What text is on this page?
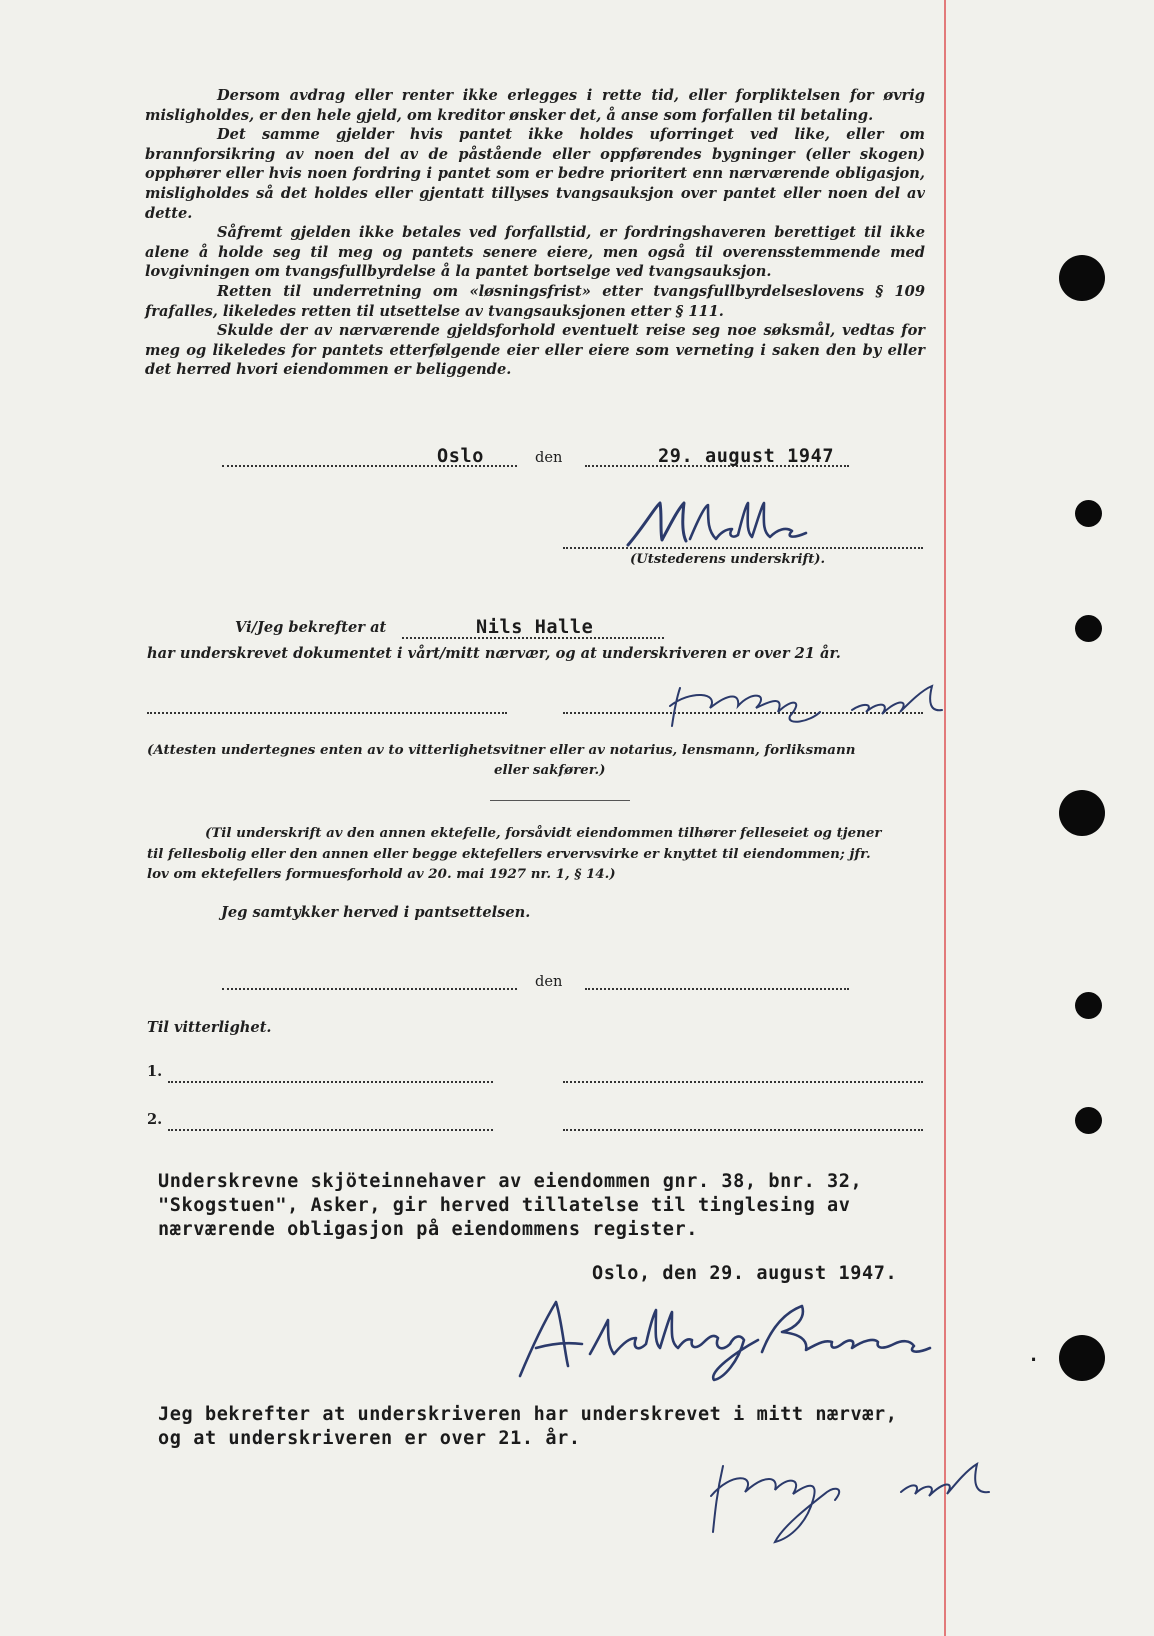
Dersom avdrag eller renter ikke erlegges i rette tid, eller forpliktelsen for øvrig misligholdes, er den hele gjeld, om kreditor ønsker det, å anse som forfallen til betaling.

Det samme gjelder hvis pantet ikke holdes uforringet ved like, eller om brannforsikring av noen del av de påstående eller oppførendes bygninger (eller skogen) opphører eller hvis noen fordring i pantet som er bedre prioritert enn nærværende obligasjon, misligholdes så det holdes eller gjentatt tillyses tvangsauksjon over pantet eller noen del av dette.

Såfremt gjelden ikke betales ved forfallstid, er fordringshaveren berettiget til ikke alene å holde seg til meg og pantets senere eiere, men også til overensstemmende med lovgivningen om tvangsfullbyrdelse å la pantet bortselge ved tvangsauksjon.

Retten til underretning om «løsningsfrist» etter tvangsfullbyrdelseslovens § 109 frafalles, likeledes retten til utsettelse av tvangsauksjonen etter § 111.

Skulde der av nærværende gjeldsforhold eventuelt reise seg noe søksmål, vedtas for meg og likeledes for pantets etterfølgende eier eller eiere som verneting i saken den by eller det herred hvori eiendommen er beliggende.

Oslo	den	29. august 1947
(Utstederens underskrift).
Vi/Jeg bekrefter at	Nils Halle
har underskrevet dokumentet i vårt/mitt nærvær, og at underskriveren er over 21 år.
(Attesten undertegnes enten av to vitterlighetsvitner eller av notarius, lensmann, forliksmann
eller sakfører.)
(Til underskrift av den annen ektefelle, forsåvidt eiendommen tilhører felleseiet og tjener
til fellesbolig eller den annen eller begge ektefellers ervervsvirke er knyttet til eiendommen; jfr.
lov om ektefellers formuesforhold av 20. mai 1927 nr. 1, § 14.)
Jeg samtykker herved i pantsettelsen.
den
Til vitterlighet.
1.
2.
Underskrevne skjöteinnehaver av eiendommen gnr. 38, bnr. 32,
"Skogstuen", Asker, gir herved tillatelse til tinglesing av
nærværende obligasjon på eiendommens register.
Oslo, den 29. august 1947.
.
Jeg bekrefter at underskriveren har underskrevet i mitt nærvær,
og at underskriveren er over 21. år.
